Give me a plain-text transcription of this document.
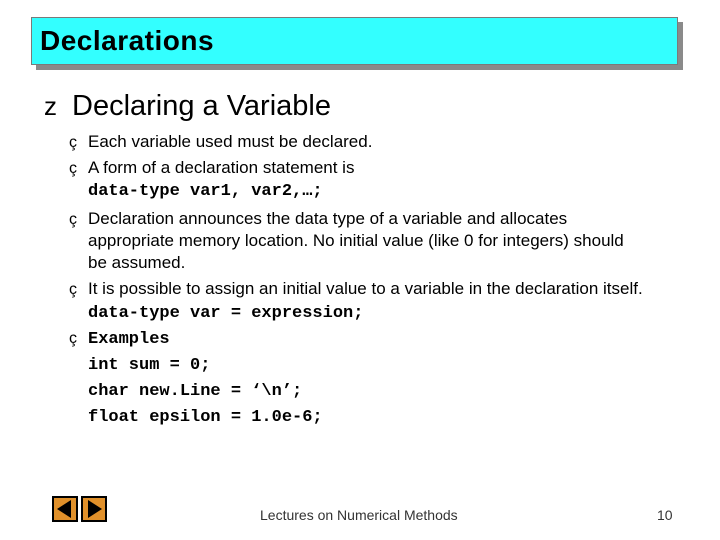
Declarations
z Declaring a Variable
ç Each variable used must be declared.
ç A form of a declaration statement is
data-type var1, var2,…;
ç Declaration announces the data type of a variable and allocates
appropriate memory location. No initial value (like 0 for integers) should
be assumed.
ç It is possible to assign an initial value to a variable in the declaration itself.
data-type var = expression;
ç Examples
int sum = 0;
char new.Line = ‘\n’;
float epsilon = 1.0e-6;
Lectures on Numerical Methods	10
